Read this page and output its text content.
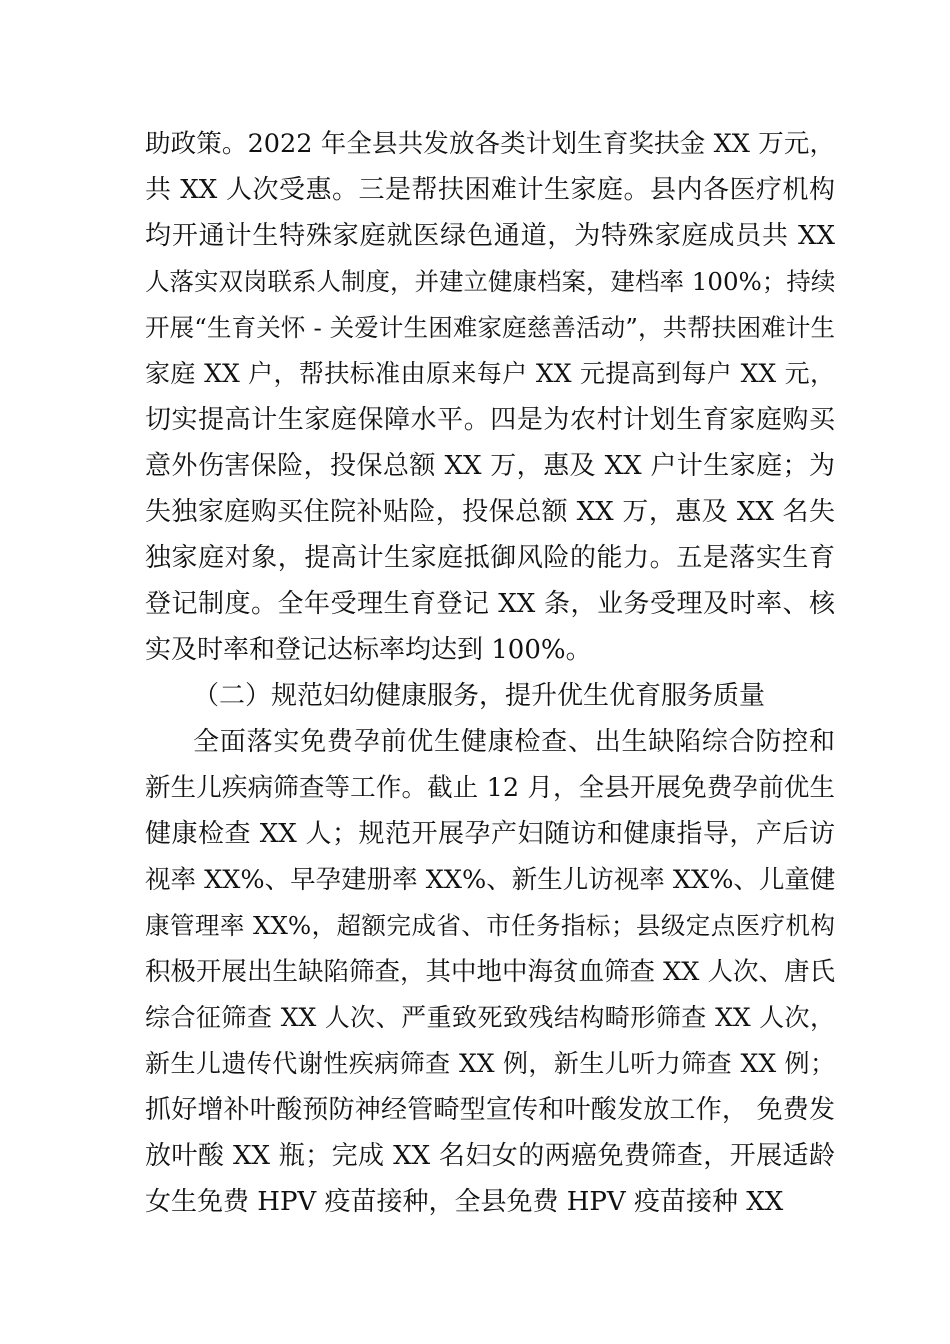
助政策。2022 年全县共发放各类计划生育奖扶金 XX 万元，
共 XX 人次受惠。三是帮扶困难计生家庭。县内各医疗机构
均开通计生特殊家庭就医绿色通道，为特殊家庭成员共 XX
人落实双岗联系人制度，并建立健康档案，建档率 100%；持续
开展“生育关怀 - 关爱计生困难家庭慈善活动”，共帮扶困难计生
家庭 XX 户，帮扶标准由原来每户 XX 元提高到每户 XX 元，
切实提高计生家庭保障水平。四是为农村计划生育家庭购买
意外伤害保险，投保总额 XX 万，惠及 XX 户计生家庭；为
失独家庭购买住院补贴险，投保总额 XX 万，惠及 XX 名失
独家庭对象，提高计生家庭抵御风险的能力。五是落实生育
登记制度。全年受理生育登记 XX 条，业务受理及时率、核
实及时率和登记达标率均达到 100%。
（二）规范妇幼健康服务，提升优生优育服务质量
全面落实免费孕前优生健康检查、出生缺陷综合防控和
新生儿疾病筛查等工作。截止 12 月，全县开展免费孕前优生
健康检查 XX 人；规范开展孕产妇随访和健康指导，产后访
视率 XX%、早孕建册率 XX%、新生儿访视率 XX%、儿童健
康管理率 XX%，超额完成省、市任务指标；县级定点医疗机构
积极开展出生缺陷筛查，其中地中海贫血筛查 XX 人次、唐氏
综合征筛查 XX 人次、严重致死致残结构畸形筛查 XX 人次，
新生儿遗传代谢性疾病筛查 XX 例，新生儿听力筛查 XX 例；
抓好增补叶酸预防神经管畸型宣传和叶酸发放工作， 免费发
放叶酸 XX 瓶；完成 XX 名妇女的两癌免费筛查，开展适龄
女生免费 HPV 疫苗接种，全县免费 HPV 疫苗接种 XX
